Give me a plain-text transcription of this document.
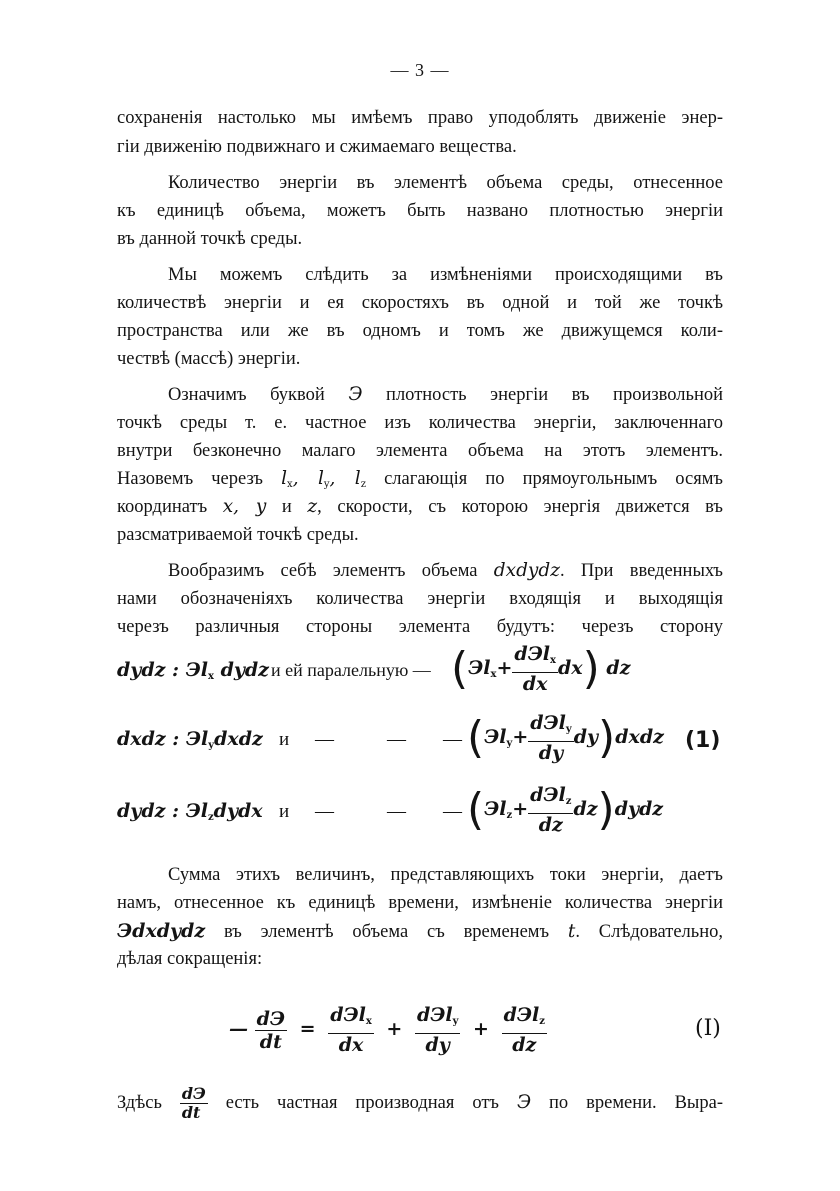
— 3 —
сохраненія настолько мы имѣемъ право уподоблять движеніе энер-
гіи движенію подвижнаго и сжимаемаго вещества.
Количество энергіи въ элементѣ объема среды, отнесенное
къ единицѣ объема, можетъ быть названо плотностью энергіи
въ данной точкѣ среды.
Мы можемъ слѣдить за измѣненіями происходящими въ
количествѣ энергіи и ея скоростяхъ въ одной и той же точкѣ
пространства или же въ одномъ и томъ же движущемся коли-
чествѣ (массѣ) энергіи.
Означимъ буквой Э плотность энергіи въ произвольной
точкѣ среды т. е. частное изъ количества энергіи, заключеннаго
внутри безконечно малаго элемента объема на этотъ элементъ.
Назовемъ черезъ $l_x$, $l_y$, $l_z$ слагающія по прямоугольнымъ осямъ
координатъ x, y и z, скорости, съ которою энергія движется въ
разсматриваемой точкѣ среды.
Вообразимъ себѣ элементъ объема dxdydz. При введенныхъ
нами обозначеніяхъ количества энергіи входящія и выходящія
черезъ различныя стороны элемента будутъ: черезъ сторону
dydz : $Эl_x$ dydz и ей паралельную — $(Эl_x+ \frac{dЭl_x}{dx} dx)$ dz
dxdz : $Эl_ydxdz$ и —	— — ($Эl_y+ \frac{dЭl_y}{dy}$ dy)dxdz (1)
dydz : $Эl_zdydx$ и —	— — ($Эl_z+ \frac{dЭl_z}{dz}$ dz)dydz
Сумма этихъ величинъ, представляющихъ токи энергіи, даетъ
намъ, отнесенное къ единицѣ времени, измѣненіе количества энергіи
Эdxdydz въ элементѣ объема съ временемъ t. Слѣдовательно,
дѣлая сокращенія:
— $\frac{dЭ}{dt} = \frac{dЭl_x}{dx} + \frac{dЭl_y}{dy} + \frac{dЭl_z}{dz}$	(I)
Здѣсь $\frac{dЭ}{dt}$ есть частная производная отъ Э по времени. Выра-
